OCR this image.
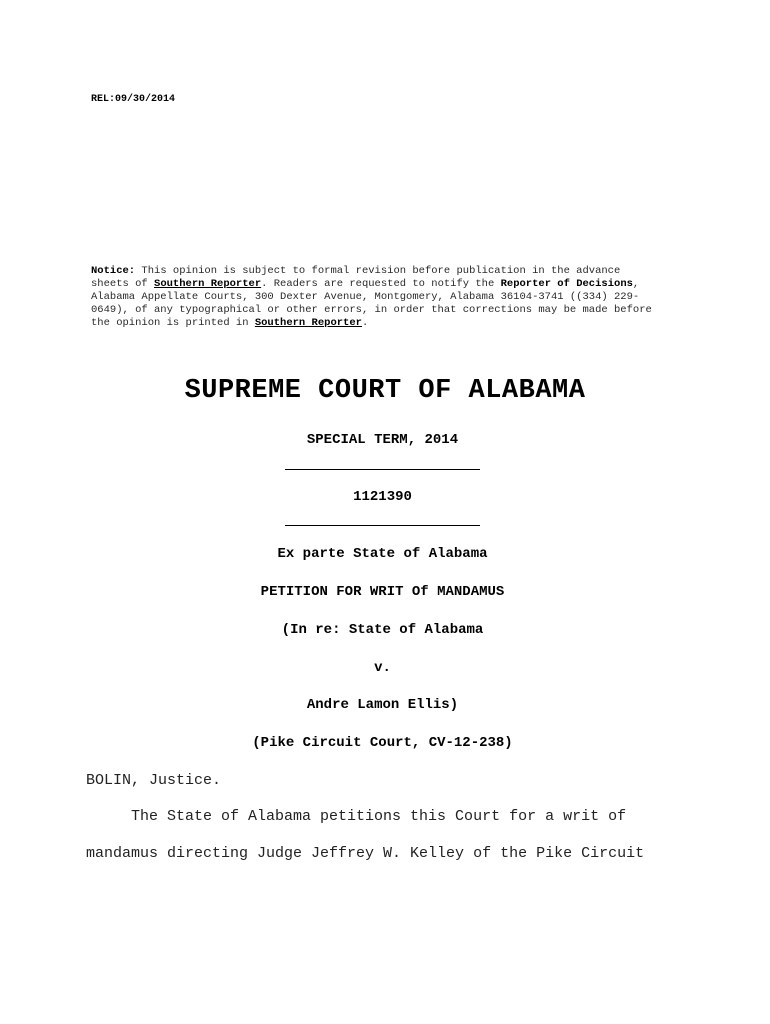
REL:09/30/2014
Notice: This opinion is subject to formal revision before publication in the advance
sheets of Southern Reporter. Readers are requested to notify the Reporter of Decisions,
Alabama Appellate Courts, 300 Dexter Avenue, Montgomery, Alabama 36104-3741 ((334) 229-
0649), of any typographical or other errors, in order that corrections may be made before
the opinion is printed in Southern Reporter.
SUPREME COURT OF ALABAMA
SPECIAL TERM, 2014
1121390
Ex parte State of Alabama
PETITION FOR WRIT Of MANDAMUS
(In re: State of Alabama
v.
Andre Lamon Ellis)
(Pike Circuit Court, CV-12-238)
BOLIN, Justice.
The State of Alabama petitions this Court for a writ of
mandamus directing Judge Jeffrey W. Kelley of the Pike Circuit
